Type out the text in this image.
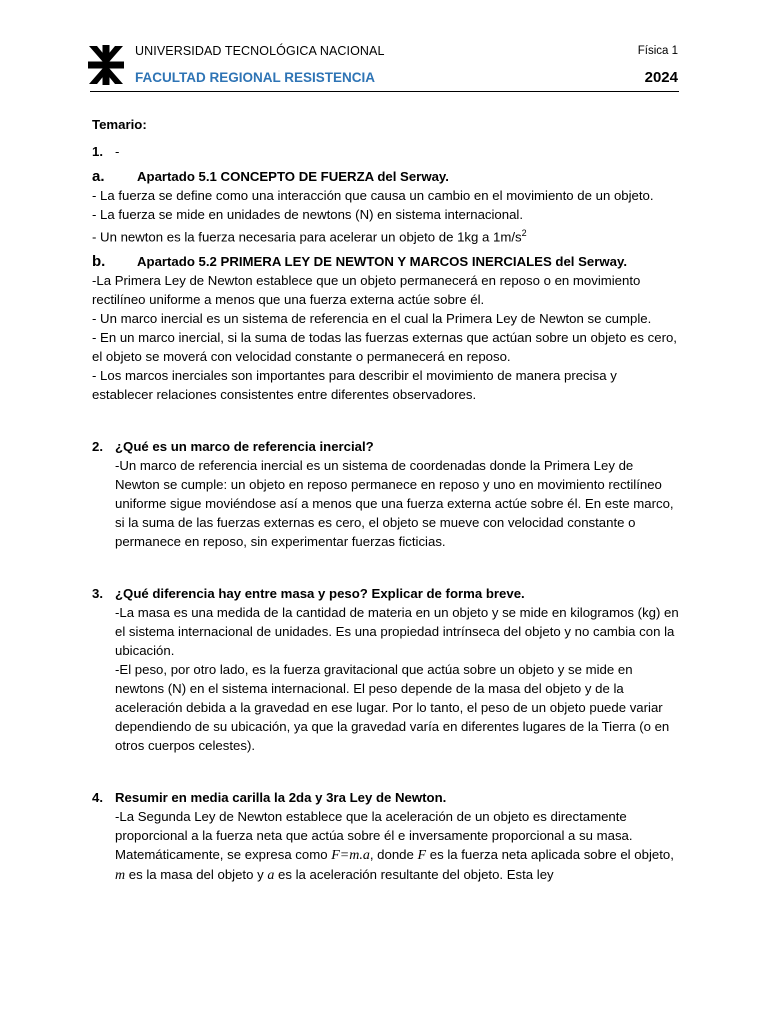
UNIVERSIDAD TECNOLÓGICA NACIONAL
FACULTAD REGIONAL RESISTENCIA
Física 1
2024

Temario:

1. -
a.	Apartado 5.1 CONCEPTO DE FUERZA del Serway.

- La fuerza se define como una interacción que causa un cambio en el movimiento de un objeto.

- La fuerza se mide en unidades de newtons (N) en sistema internacional.

- Un newton es la fuerza necesaria para acelerar un objeto de 1kg a $1m/s^2$

b.	Apartado 5.2 PRIMERA LEY DE NEWTON Y MARCOS INERCIALES del Serway.

-La Primera Ley de Newton establece que un objeto permanecerá en reposo o en movimiento rectilíneo uniforme a menos que una fuerza externa actúe sobre él.

- Un marco inercial es un sistema de referencia en el cual la Primera Ley de Newton se cumple.

- En un marco inercial, si la suma de todas las fuerzas externas que actúan sobre un objeto es cero, el objeto se moverá con velocidad constante o permanecerá en reposo.

- Los marcos inerciales son importantes para describir el movimiento de manera precisa y establecer relaciones consistentes entre diferentes observadores.

2. ¿Qué es un marco de referencia inercial?

-Un marco de referencia inercial es un sistema de coordenadas donde la Primera Ley de Newton se cumple: un objeto en reposo permanece en reposo y uno en movimiento rectilíneo uniforme sigue moviéndose así a menos que una fuerza externa actúe sobre él. En este marco, si la suma de las fuerzas externas es cero, el objeto se mueve con velocidad constante o permanece en reposo, sin experimentar fuerzas ficticias.

3. ¿Qué diferencia hay entre masa y peso? Explicar de forma breve.

-La masa es una medida de la cantidad de materia en un objeto y se mide en kilogramos (kg) en el sistema internacional de unidades. Es una propiedad intrínseca del objeto y no cambia con la ubicación.

-El peso, por otro lado, es la fuerza gravitacional que actúa sobre un objeto y se mide en newtons (N) en el sistema internacional. El peso depende de la masa del objeto y de la aceleración debida a la gravedad en ese lugar. Por lo tanto, el peso de un objeto puede variar dependiendo de su ubicación, ya que la gravedad varía en diferentes lugares de la Tierra (o en otros cuerpos celestes).

4. Resumir en media carilla la 2da y 3ra Ley de Newton.

-La Segunda Ley de Newton establece que la aceleración de un objeto es directamente proporcional a la fuerza neta que actúa sobre él e inversamente proporcional a su masa. Matemáticamente, se expresa como F=m.a, donde F es la fuerza neta aplicada sobre el objeto, m es la masa del objeto y a es la aceleración resultante del objeto. Esta ley
